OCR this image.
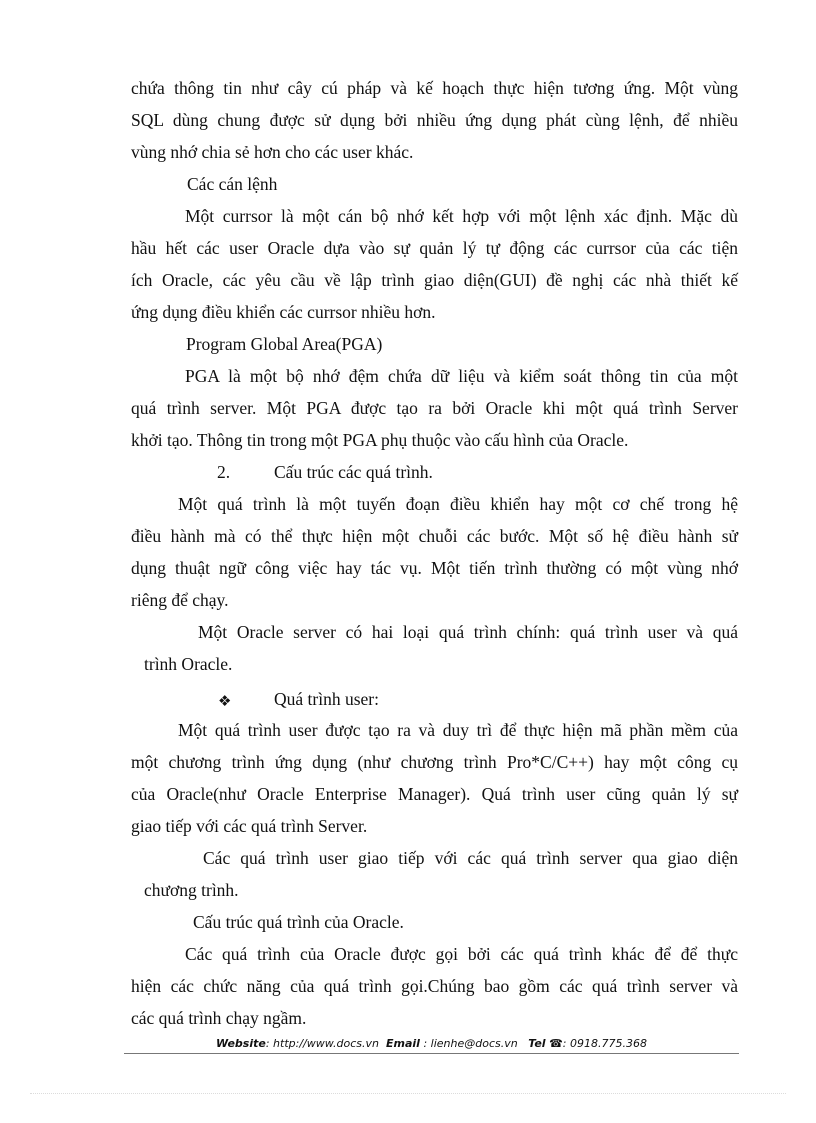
chứa thông tin như cây cú pháp và kế hoạch thực hiện tương ứng. Một vùng
SQL dùng chung được sử dụng bởi nhiều ứng dụng phát cùng lệnh, để nhiều
vùng nhớ chia sẻ hơn cho các user khác.
Các cán lệnh
Một currsor là một cán bộ nhớ kết hợp với một lệnh xác định. Mặc dù
hầu hết các user Oracle dựa vào sự quản lý tự động các currsor của các tiện
ích Oracle, các yêu cầu về lập trình giao diện(GUI) đề nghị các nhà thiết kế
ứng dụng điều khiển các currsor nhiều hơn.
Program Global Area(PGA)
PGA là một bộ nhớ đệm chứa dữ liệu và kiểm soát thông tin của một
quá trình server. Một PGA được tạo ra bởi Oracle khi một quá trình Server
khởi tạo. Thông tin trong một PGA phụ thuộc vào cấu hình của Oracle.
2.	Cấu trúc các quá trình.
Một quá trình là một tuyến đoạn điều khiển hay một cơ chế trong hệ
điều hành mà có thể thực hiện một chuỗi các bước. Một số hệ điều hành sử
dụng thuật ngữ công việc hay tác vụ. Một tiến trình thường có một vùng nhớ
riêng để chạy.
Một Oracle server có hai loại quá trình chính: quá trình user và quá
trình Oracle.
❖ Quá trình user:
Một quá trình user được tạo ra và duy trì để thực hiện mã phần mềm của
một chương trình ứng dụng (như chương trình Pro*C/C++) hay một công cụ
của Oracle(như Oracle Enterprise Manager). Quá trình user cũng quản lý sự
giao tiếp với các quá trình Server.
Các quá trình user giao tiếp với các quá trình server qua giao diện
chương trình.
Cấu trúc quá trình của Oracle.
Các quá trình của Oracle được gọi bởi các quá trình khác để để thực
hiện các chức năng của quá trình gọi.Chúng bao gồm các quá trình server và
các quá trình chạy ngầm.
Website: http://www.docs.vn Email : lienhe@docs.vn Tel ☎: 0918.775.368
